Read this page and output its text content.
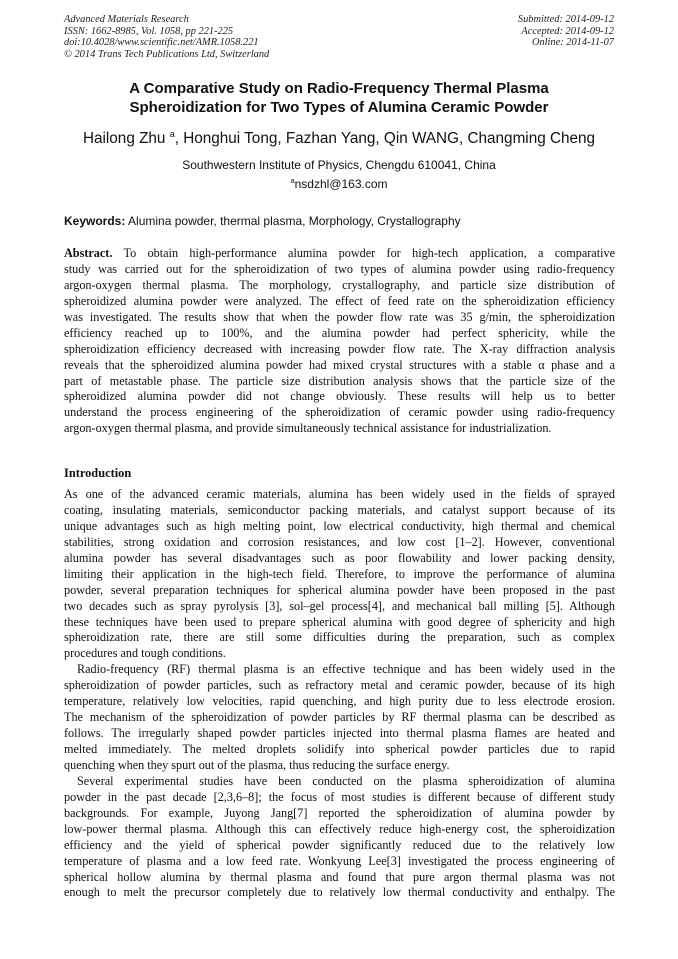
Advanced Materials Research
ISSN: 1662-8985, Vol. 1058, pp 221-225
doi:10.4028/www.scientific.net/AMR.1058.221
© 2014 Trans Tech Publications Ltd, Switzerland
Submitted: 2014-09-12
Accepted: 2014-09-12
Online: 2014-11-07
A Comparative Study on Radio-Frequency Thermal Plasma
Spheroidization for Two Types of Alumina Ceramic Powder
Hailong Zhu $^a$, Honghui Tong, Fazhan Yang, Qin WANG, Changming Cheng
Southwestern Institute of Physics, Chengdu 610041, China
$^a$nsdzhl@163.com
Keywords: Alumina powder, thermal plasma, Morphology, Crystallography
Abstract. To obtain high-performance alumina powder for high-tech application, a comparative
study was carried out for the spheroidization of two types of alumina powder using radio-frequency
argon-oxygen thermal plasma. The morphology, crystallography, and particle size distribution of
spheroidized alumina powder were analyzed. The effect of feed rate on the spheroidization efficiency
was investigated. The results show that when the powder flow rate was 35 g/min, the spheroidization
efficiency reached up to 100%, and the alumina powder had perfect sphericity, while the
spheroidization efficiency decreased with increasing powder flow rate. The X-ray diffraction analysis
reveals that the spheroidized alumina powder had mixed crystal structures with a stable α phase and a
part of metastable phase. The particle size distribution analysis shows that the particle size of the
spheroidized alumina powder did not change obviously. These results will help us to better
understand the process engineering of the spheroidization of ceramic powder using radio-frequency
argon-oxygen thermal plasma, and provide simultaneously technical assistance for industrialization.
Introduction
As one of the advanced ceramic materials, alumina has been widely used in the fields of sprayed
coating, insulating materials, semiconductor packing materials, and catalyst support because of its
unique advantages such as high melting point, low electrical conductivity, high thermal and chemical
stabilities, strong oxidation and corrosion resistances, and low cost [1–2]. However, conventional
alumina powder has several disadvantages such as poor flowability and lower packing density,
limiting their application in the high-tech field. Therefore, to improve the performance of alumina
powder, several preparation techniques for spherical alumina powder have been proposed in the past
two decades such as spray pyrolysis [3], sol–gel process[4], and mechanical ball milling [5]. Although
these techniques have been used to prepare spherical alumina with good degree of sphericity and high
spheroidization rate, there are still some difficulties during the preparation, such as complex
procedures and tough conditions.
Radio-frequency (RF) thermal plasma is an effective technique and has been widely used in the
spheroidization of powder particles, such as refractory metal and ceramic powder, because of its high
temperature, relatively low velocities, rapid quenching, and high purity due to less electrode erosion.
The mechanism of the spheroidization of powder particles by RF thermal plasma can be described as
follows. The irregularly shaped powder particles injected into thermal plasma flames are heated and
melted immediately. The melted droplets solidify into spherical powder particles due to rapid
quenching when they spurt out of the plasma, thus reducing the surface energy.
Several experimental studies have been conducted on the plasma spheroidization of alumina
powder in the past decade [2,3,6–8]; the focus of most studies is different because of different study
backgrounds. For example, Juyong Jang[7] reported the spheroidization of alumina powder by
low-power thermal plasma. Although this can effectively reduce high-energy cost, the spheroidization
efficiency and the yield of spherical powder significantly reduced due to the relatively low
temperature of plasma and a low feed rate. Wonkyung Lee[3] investigated the process engineering of
spherical hollow alumina by thermal plasma and found that pure argon thermal plasma was not
enough to melt the precursor completely due to relatively low thermal conductivity and enthalpy. The
